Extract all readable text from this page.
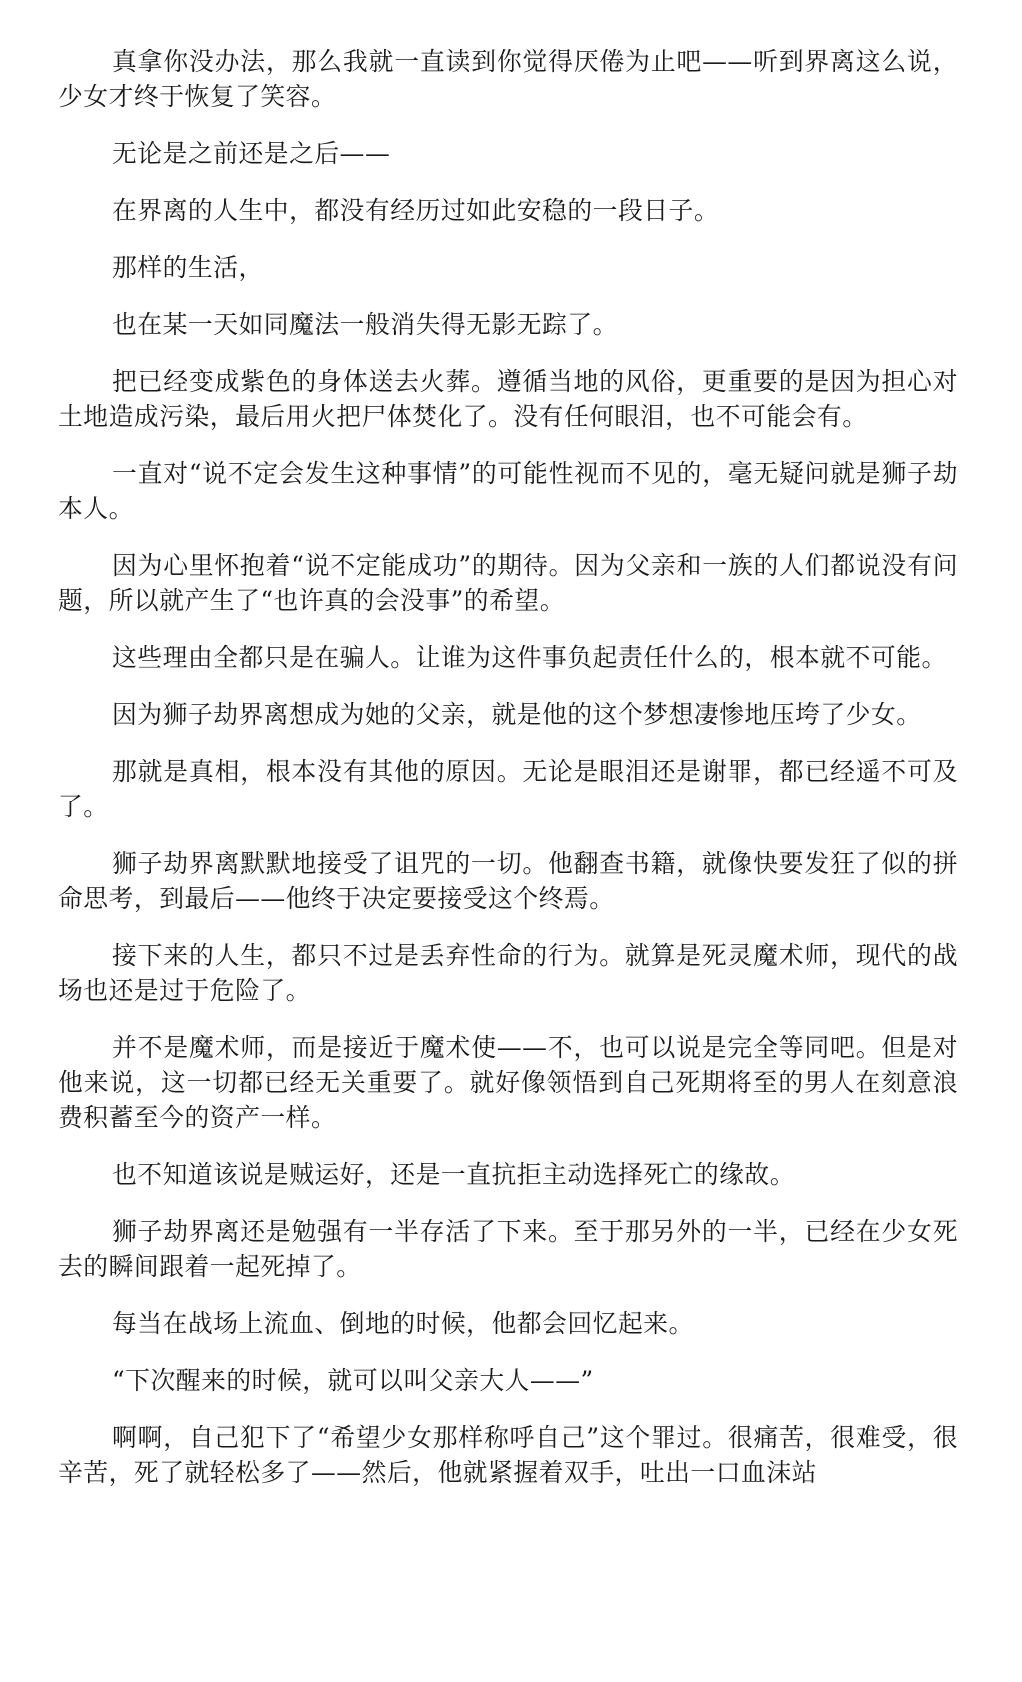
真拿你没办法，那么我就一直读到你觉得厌倦为止吧——听到界离这么说，少女才终于恢复了笑容。

无论是之前还是之后——

在界离的人生中，都没有经历过如此安稳的一段日子。

那样的生活，

也在某一天如同魔法一般消失得无影无踪了。

把已经变成紫色的身体送去火葬。遵循当地的风俗，更重要的是因为担心对土地造成污染，最后用火把尸体焚化了。没有任何眼泪，也不可能会有。

一直对“说不定会发生这种事情”的可能性视而不见的，毫无疑问就是狮子劫本人。

因为心里怀抱着“说不定能成功”的期待。因为父亲和一族的人们都说没有问题，所以就产生了“也许真的会没事”的希望。

这些理由全都只是在骗人。让谁为这件事负起责任什么的，根本就不可能。

因为狮子劫界离想成为她的父亲，就是他的这个梦想凄惨地压垮了少女。

那就是真相，根本没有其他的原因。无论是眼泪还是谢罪，都已经遥不可及了。

狮子劫界离默默地接受了诅咒的一切。他翻查书籍，就像快要发狂了似的拼命思考，到最后——他终于决定要接受这个终焉。

接下来的人生，都只不过是丢弃性命的行为。就算是死灵魔术师，现代的战场也还是过于危险了。

并不是魔术师，而是接近于魔术使——不，也可以说是完全等同吧。但是对他来说，这一切都已经无关重要了。就好像领悟到自己死期将至的男人在刻意浪费积蓄至今的资产一样。

也不知道该说是贼运好，还是一直抗拒主动选择死亡的缘故。

狮子劫界离还是勉强有一半存活了下来。至于那另外的一半，已经在少女死去的瞬间跟着一起死掉了。

每当在战场上流血、倒地的时候，他都会回忆起来。

“下次醒来的时候，就可以叫父亲大人——”

啊啊，自己犯下了“希望少女那样称呼自己”这个罪过。很痛苦，很难受，很辛苦，死了就轻松多了——然后，他就紧握着双手，吐出一口血沫站
